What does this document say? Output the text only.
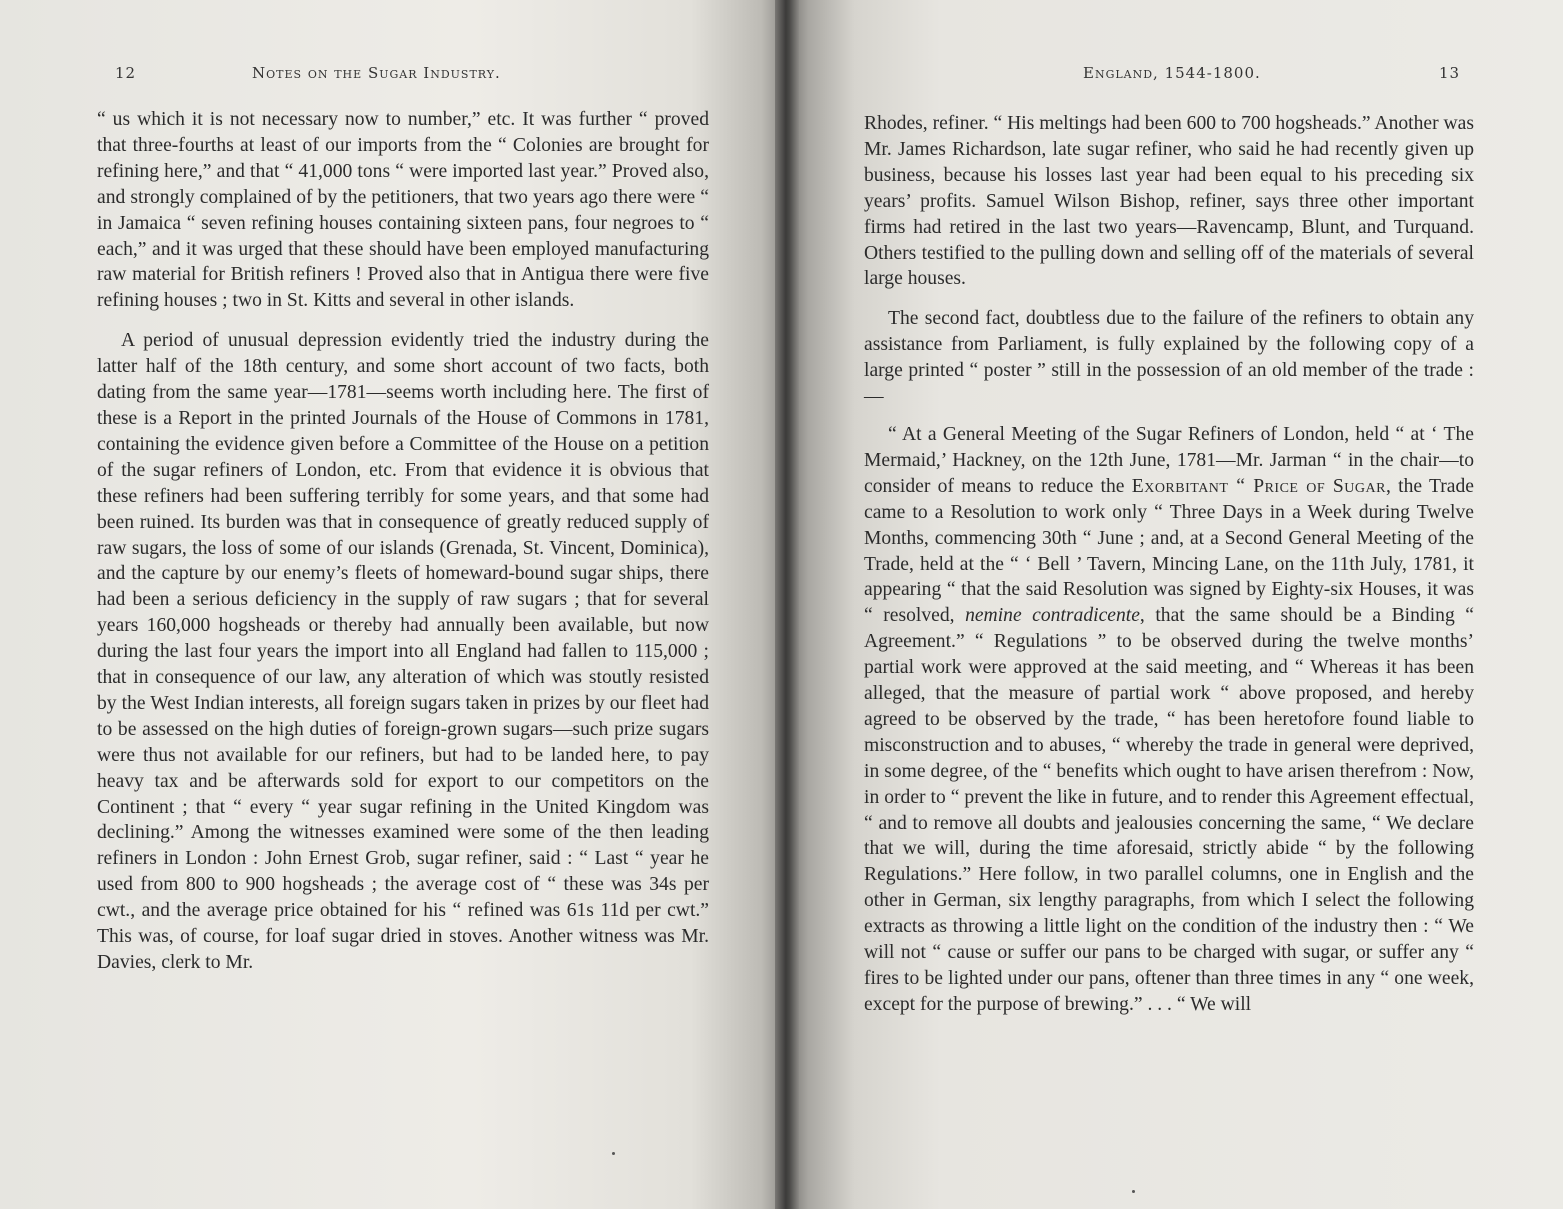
12	Notes on the Sugar Industry.

“ us which it is not necessary now to number,” etc. It was further “ proved that three-fourths at least of our imports from the “ Colonies are brought for refining here,” and that “ 41,000 tons “ were imported last year.” Proved also, and strongly complained of by the petitioners, that two years ago there were “ in Jamaica “ seven refining houses containing sixteen pans, four negroes to “ each,” and it was urged that these should have been employed manufacturing raw material for British refiners ! Proved also that in Antigua there were five refining houses ; two in St. Kitts and several in other islands.

A period of unusual depression evidently tried the industry during the latter half of the 18th century, and some short account of two facts, both dating from the same year—1781—seems worth including here. The first of these is a Report in the printed Journals of the House of Commons in 1781, containing the evidence given before a Committee of the House on a petition of the sugar refiners of London, etc. From that evidence it is obvious that these refiners had been suffering terribly for some years, and that some had been ruined. Its burden was that in consequence of greatly reduced supply of raw sugars, the loss of some of our islands (Grenada, St. Vincent, Dominica), and the capture by our enemy’s fleets of homeward-bound sugar ships, there had been a serious deficiency in the supply of raw sugars ; that for several years 160,000 hogsheads or thereby had annually been available, but now during the last four years the import into all England had fallen to 115,000 ; that in consequence of our law, any alteration of which was stoutly resisted by the West Indian interests, all foreign sugars taken in prizes by our fleet had to be assessed on the high duties of foreign-grown sugars—such prize sugars were thus not available for our refiners, but had to be landed here, to pay heavy tax and be afterwards sold for export to our competitors on the Continent ; that “ every “ year sugar refining in the United Kingdom was declining.” Among the witnesses examined were some of the then leading refiners in London : John Ernest Grob, sugar refiner, said : “ Last “ year he used from 800 to 900 hogsheads ; the average cost of “ these was 34s per cwt., and the average price obtained for his “ refined was 61s 11d per cwt.” This was, of course, for loaf sugar dried in stoves. Another witness was Mr. Davies, clerk to Mr.

England, 1544-1800.	13

Rhodes, refiner. “ His meltings had been 600 to 700 hogsheads.” Another was Mr. James Richardson, late sugar refiner, who said he had recently given up business, because his losses last year had been equal to his preceding six years’ profits. Samuel Wilson Bishop, refiner, says three other important firms had retired in the last two years—Ravencamp, Blunt, and Turquand. Others testified to the pulling down and selling off of the materials of several large houses.

The second fact, doubtless due to the failure of the refiners to obtain any assistance from Parliament, is fully explained by the following copy of a large printed “ poster ” still in the possession of an old member of the trade :—

“ At a General Meeting of the Sugar Refiners of London, held “ at ‘ The Mermaid,’ Hackney, on the 12th June, 1781—Mr. Jarman “ in the chair—to consider of means to reduce the Exorbitant “ Price of Sugar, the Trade came to a Resolution to work only “ Three Days in a Week during Twelve Months, commencing 30th “ June ; and, at a Second General Meeting of the Trade, held at the “ ‘ Bell ’ Tavern, Mincing Lane, on the 11th July, 1781, it appearing “ that the said Resolution was signed by Eighty-six Houses, it was “ resolved, nemine contradicente, that the same should be a Binding “ Agreement.” “ Regulations ” to be observed during the twelve months’ partial work were approved at the said meeting, and “ Whereas it has been alleged, that the measure of partial work “ above proposed, and hereby agreed to be observed by the trade, “ has been heretofore found liable to misconstruction and to abuses, “ whereby the trade in general were deprived, in some degree, of the “ benefits which ought to have arisen therefrom : Now, in order to “ prevent the like in future, and to render this Agreement effectual, “ and to remove all doubts and jealousies concerning the same, “ We declare that we will, during the time aforesaid, strictly abide “ by the following Regulations.” Here follow, in two parallel columns, one in English and the other in German, six lengthy paragraphs, from which I select the following extracts as throwing a little light on the condition of the industry then : “ We will not “ cause or suffer our pans to be charged with sugar, or suffer any “ fires to be lighted under our pans, oftener than three times in any “ one week, except for the purpose of brewing.” . . . “ We will
